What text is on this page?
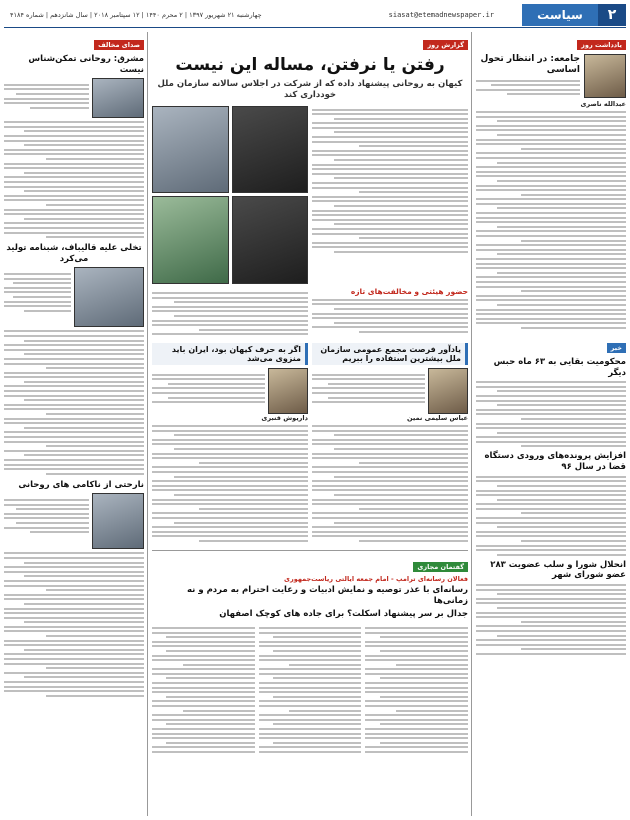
۲
سیاست
siasat@etemadnewspaper.ir
چهارشنبه ۲۱ شهریور ۱۳۹۷ | ۲ محرم ۱۴۴۰ | ۱۲ سپتامبر ۲۰۱۸ | سال شانزدهم | شماره ۴۱۸۴
یادداشت روز
جامعه: در انتظار تحول اساسی
عبدالله ناصری
خبر
محکومیت بقایی به ۶۳ ماه حبس دیگر
افزایش پرونده‌های ورودی دستگاه قضا در سال ۹۶
انحلال شورا و سلب عضویت ۲۸۳ عضو شورای شهر
گزارش روز
رفتن یا نرفتن، مساله این نیست
کیهان به روحانی پیشنهاد داده که از شرکت در اجلاس سالانه سازمان ملل خودداری کند
حضور هیئتی و مخالفت‌های تازه
یادآور فرصت مجمع عمومی سازمان ملل بیشترین استفاده را ببریم
عباس سلیمی نمین
اگر به حرف کیهان بود، ایران باید منزوی می‌شد
داریوش قنبری
گفتمان مجازی
فعالان رسانه‌ای ترامپ - امام جمعه ایالتی ریاست‌جمهوری
رسانه‌ای با عذر توصیه و نمایش ادبیات و رعایت احترام به مردم و نه زمانی‌ها
جدال بر سر پیشنهاد اسکلت؟ برای جاده های کوچک اصفهان
صدای مخالف
مشرق: روحانی تمکن‌شناس نیست
تخلی علیه قالیباف، شبنامه تولید می‌کرد
نارحتی از ناکامی های روحانی
